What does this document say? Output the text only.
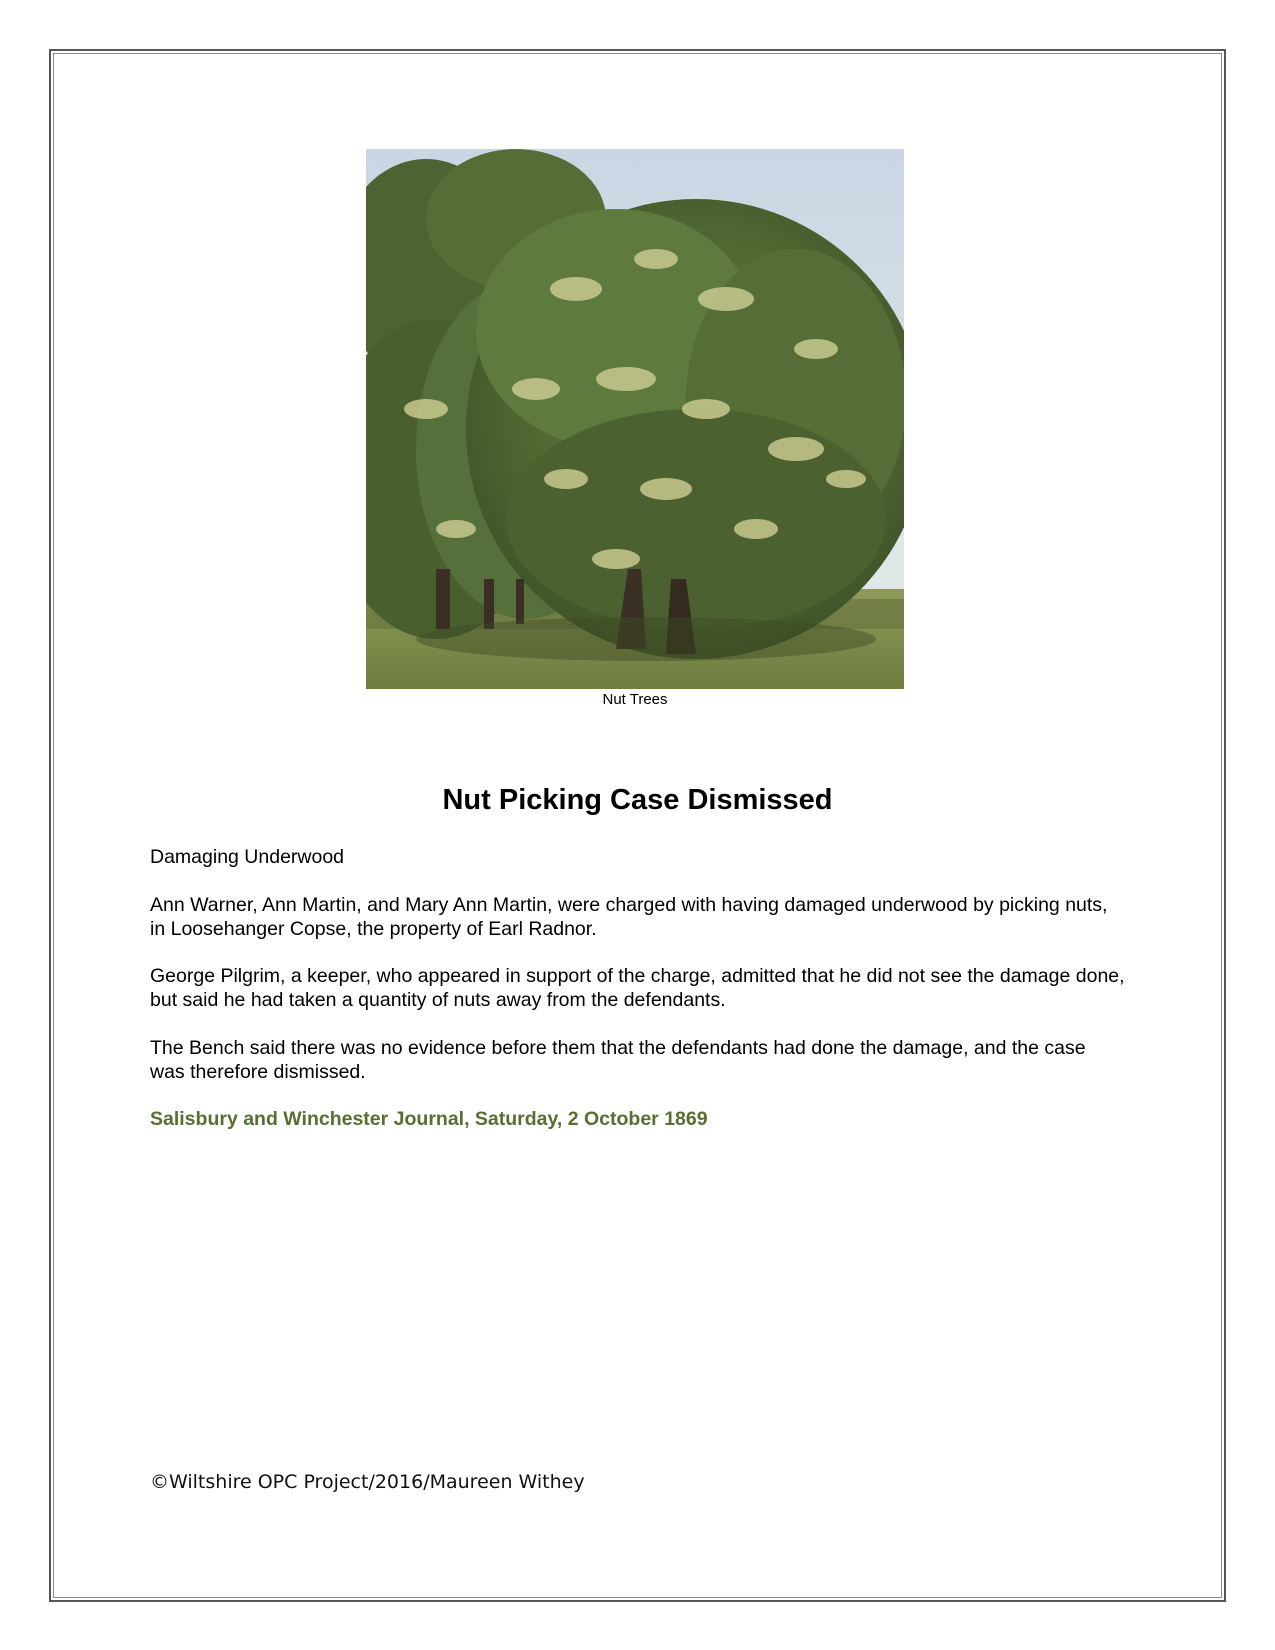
Nut Trees
Nut Picking Case Dismissed

Damaging Underwood

Ann Warner, Ann Martin, and Mary Ann Martin, were charged with having damaged underwood by picking nuts, in Loosehanger Copse, the property of Earl Radnor.

George Pilgrim, a keeper, who appeared in support of the charge, admitted that he did not see the damage done, but said he had taken a quantity of nuts away from the defendants.

The Bench said there was no evidence before them that the defendants had done the damage, and the case was therefore dismissed.

Salisbury and Winchester Journal, Saturday, 2 October 1869
©Wiltshire OPC Project/2016/Maureen Withey
